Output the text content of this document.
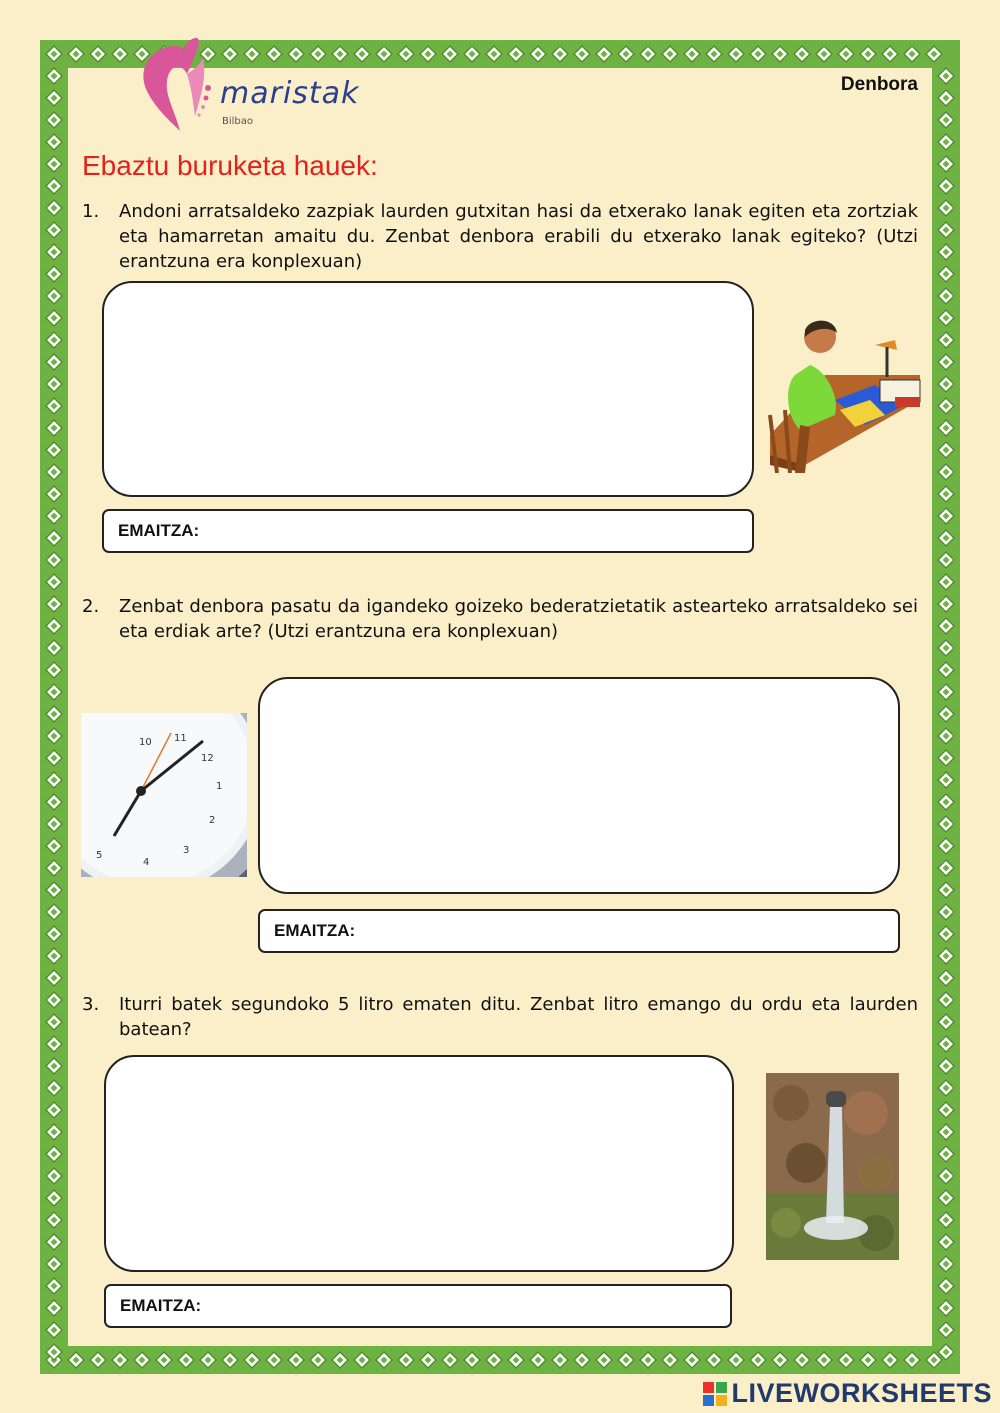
maristak
Bilbao
Denbora
Ebaztu buruketa hauek:
1.	Andoni arratsaldeko zazpiak laurden gutxitan hasi da etxerako lanak egiten eta zortziak eta hamarretan amaitu du. Zenbat denbora erabili du etxerako lanak egiteko? (Utzi erantzuna era konplexuan)
EMAITZA:
2.	Zenbat denbora pasatu da igandeko goizeko bederatzietatik astearteko arratsaldeko sei eta erdiak arte? (Utzi erantzuna era konplexuan)
10 11
12
1
2
3
4
5
EMAITZA:
3.	Iturri batek segundoko 5 litro ematen ditu. Zenbat litro emango du ordu eta laurden batean?
EMAITZA:
LIVEWORKSHEETS
